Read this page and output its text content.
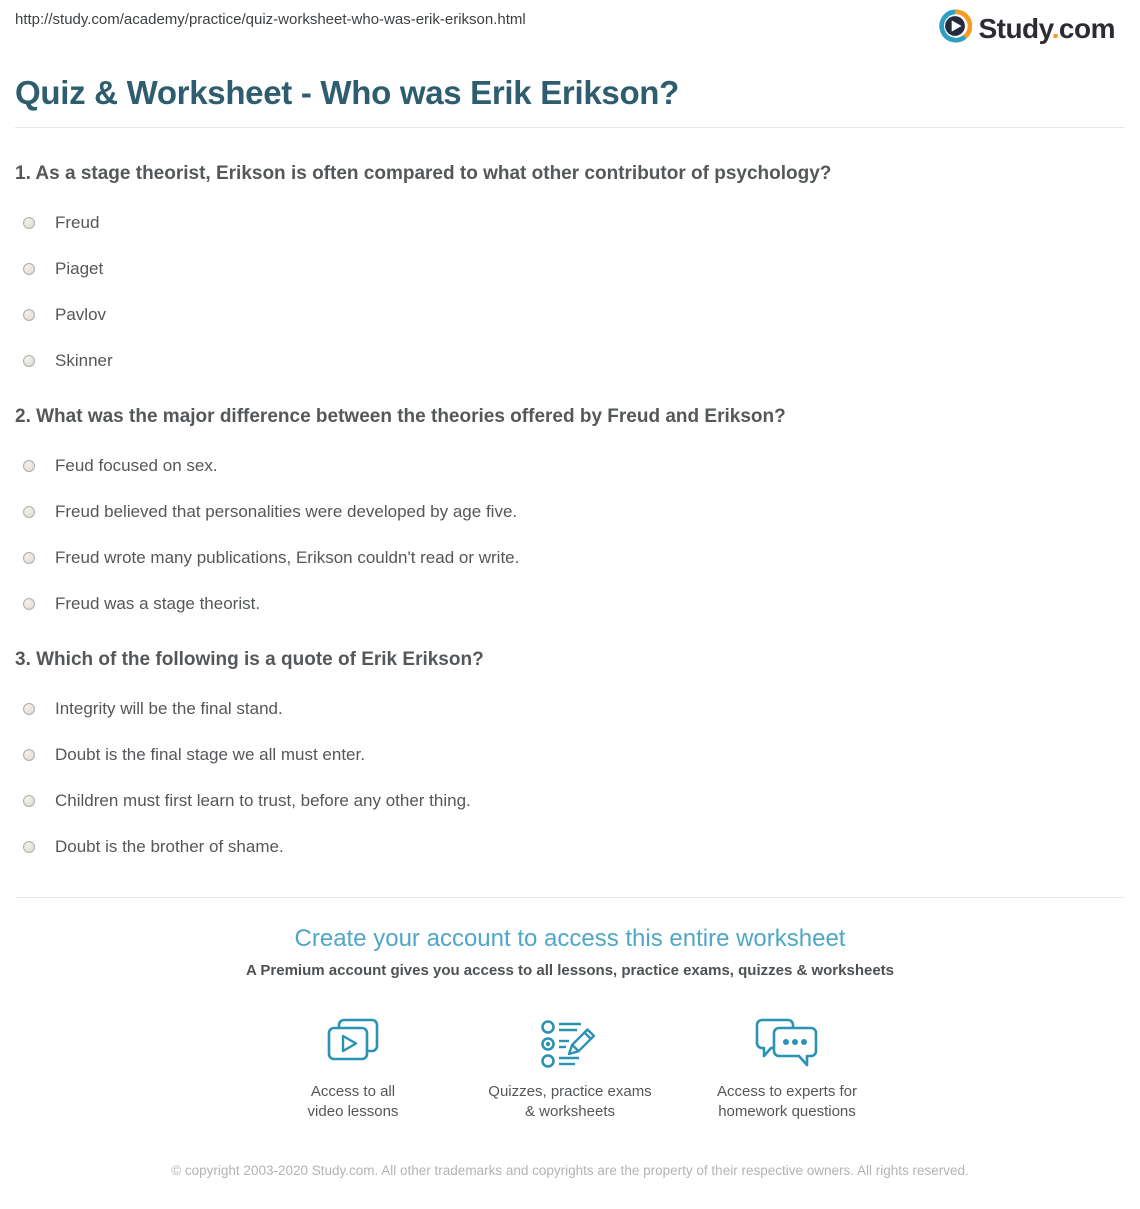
http://study.com/academy/practice/quiz-worksheet-who-was-erik-erikson.html	Study.com
Quiz & Worksheet - Who was Erik Erikson?
1. As a stage theorist, Erikson is often compared to what other contributor of psychology?
Freud
Piaget
Pavlov
Skinner
2. What was the major difference between the theories offered by Freud and Erikson?
Feud focused on sex.
Freud believed that personalities were developed by age five.
Freud wrote many publications, Erikson couldn't read or write.
Freud was a stage theorist.
3. Which of the following is a quote of Erik Erikson?
Integrity will be the final stand.
Doubt is the final stage we all must enter.
Children must first learn to trust, before any other thing.
Doubt is the brother of shame.
Create your account to access this entire worksheet
A Premium account gives you access to all lessons, practice exams, quizzes & worksheets
Access to all
video lessons
Quizzes, practice exams
& worksheets
Access to experts for
homework questions
© copyright 2003-2020 Study.com. All other trademarks and copyrights are the property of their respective owners. All rights reserved.
